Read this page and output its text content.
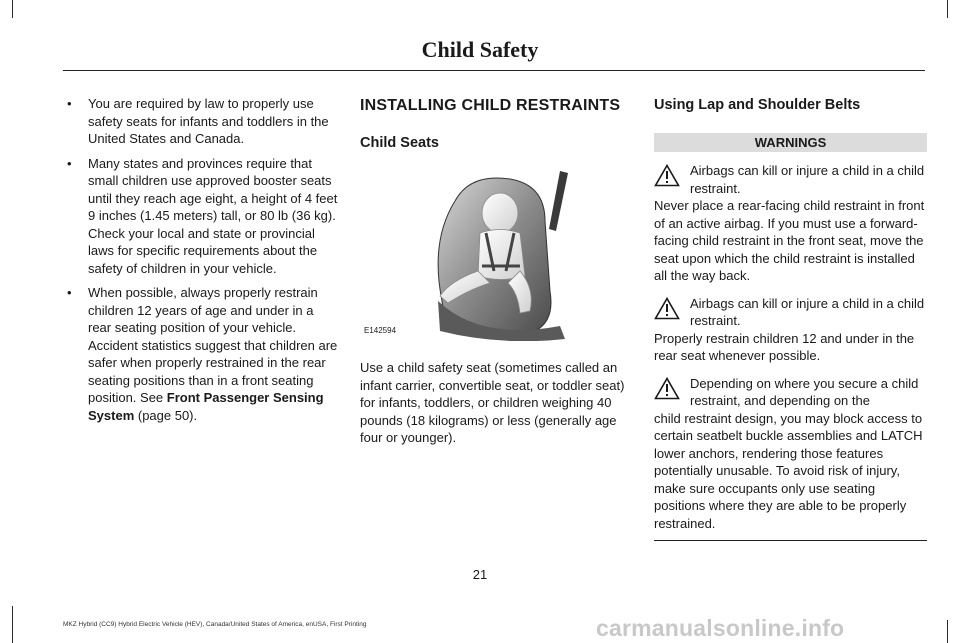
Child Safety
• You are required by law to properly use safety seats for infants and toddlers in the United States and Canada.
• Many states and provinces require that small children use approved booster seats until they reach age eight, a height of 4 feet 9 inches (1.45 meters) tall, or 80 lb (36 kg). Check your local and state or provincial laws for specific requirements about the safety of children in your vehicle.
• When possible, always properly restrain children 12 years of age and under in a rear seating position of your vehicle. Accident statistics suggest that children are safer when properly restrained in the rear seating positions than in a front seating position. See Front Passenger Sensing System (page 50).
INSTALLING CHILD RESTRAINTS
Child Seats
E142594

Use a child safety seat (sometimes called an infant carrier, convertible seat, or toddler seat) for infants, toddlers, or children weighing 40 pounds (18 kilograms) or less (generally age four or younger).

Using Lap and Shoulder Belts
WARNINGS
Airbags can kill or injure a child in a child restraint.
Never place a rear-facing child restraint in front of an active airbag. If you must use a forward-facing child restraint in the front seat, move the seat upon which the child restraint is installed all the way back.
Airbags can kill or injure a child in a child restraint.
Properly restrain children 12 and under in the rear seat whenever possible.
Depending on where you secure a child restraint, and depending on the
child restraint design, you may block access to certain seatbelt buckle assemblies and LATCH lower anchors, rendering those features potentially unusable. To avoid risk of injury, make sure occupants only use seating positions where they are able to be properly restrained.
21
MKZ Hybrid (CC9) Hybrid Electric Vehicle (HEV), Canada/United States of America, enUSA, First Printing	carmanualsonline.info
